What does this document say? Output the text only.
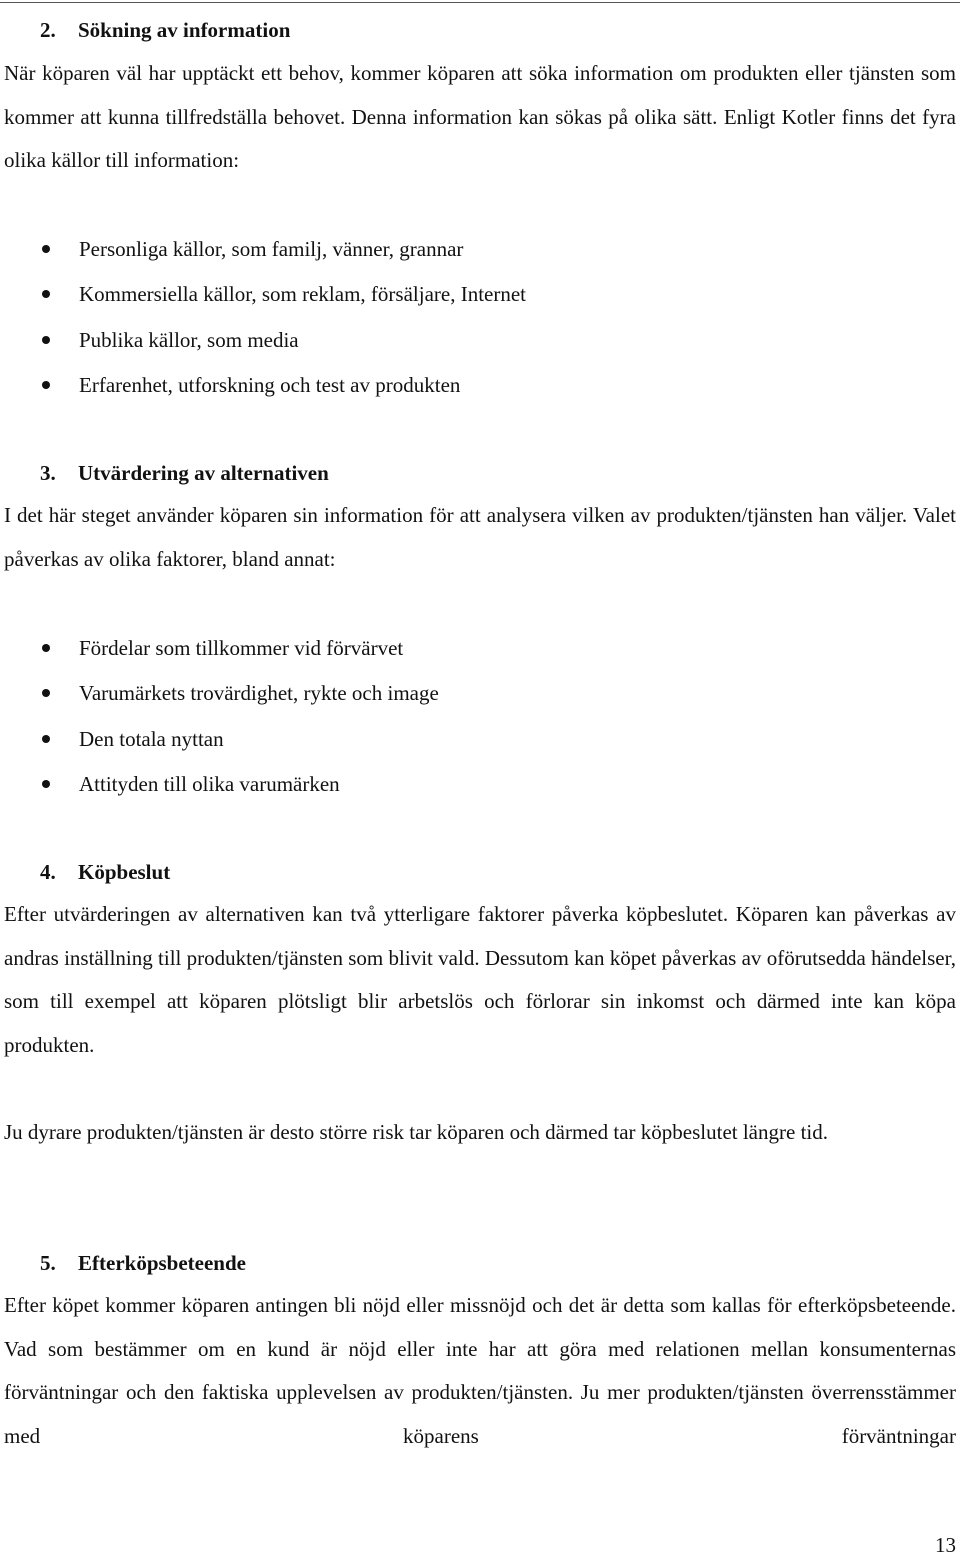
2. Sökning av information

När köparen väl har upptäckt ett behov, kommer köparen att söka information om produkten eller tjänsten som kommer att kunna tillfredställa behovet. Denna information kan sökas på olika sätt. Enligt Kotler finns det fyra olika källor till information:

Personliga källor, som familj, vänner, grannar
Kommersiella källor, som reklam, försäljare, Internet
Publika källor, som media
Erfarenhet, utforskning och test av produkten
3. Utvärdering av alternativen

I det här steget använder köparen sin information för att analysera vilken av produkten/tjänsten han väljer. Valet påverkas av olika faktorer, bland annat:

Fördelar som tillkommer vid förvärvet
Varumärkets trovärdighet, rykte och image
Den totala nyttan
Attityden till olika varumärken
4. Köpbeslut

Efter utvärderingen av alternativen kan två ytterligare faktorer påverka köpbeslutet. Köparen kan påverkas av andras inställning till produkten/tjänsten som blivit vald. Dessutom kan köpet påverkas av oförutsedda händelser, som till exempel att köparen plötsligt blir arbetslös och förlorar sin inkomst och därmed inte kan köpa produkten.

Ju dyrare produkten/tjänsten är desto större risk tar köparen och därmed tar köpbeslutet längre tid.

5. Efterköpsbeteende

Efter köpet kommer köparen antingen bli nöjd eller missnöjd och det är detta som kallas för efterköpsbeteende. Vad som bestämmer om en kund är nöjd eller inte har att göra med relationen mellan konsumenternas förväntningar och den faktiska upplevelsen av produkten/tjänsten. Ju mer produkten/tjänsten överrensstämmer med köparens förväntningar

13
